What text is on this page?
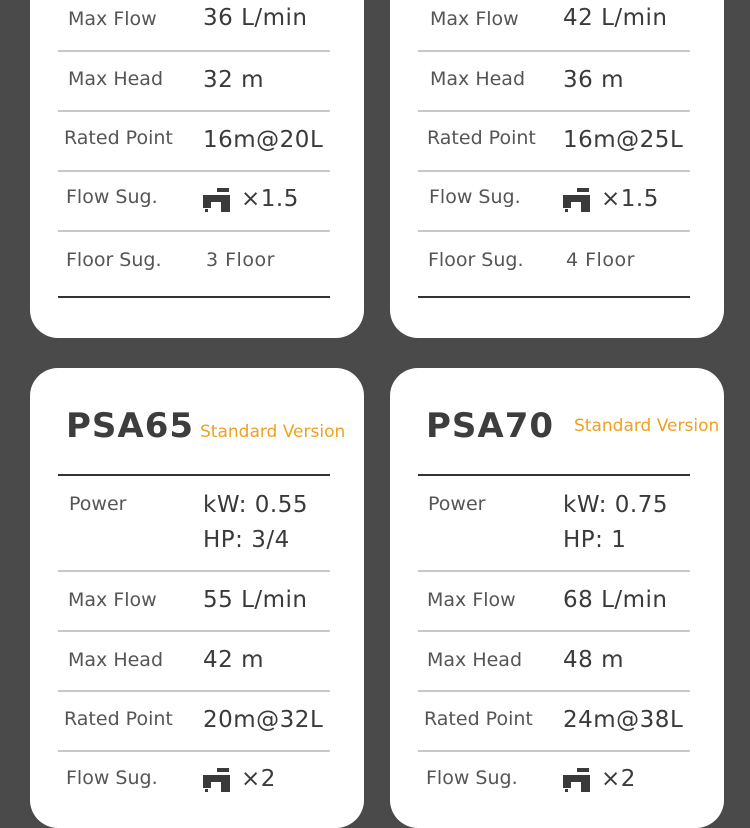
Max Flow 36 L/min
Max Head 32 m
Rated Point 16m@20L
Flow Sug.	×1.5
Floor Sug. 3 Floor
Max Flow 42 L/min
Max Head 36 m
Rated Point 16m@25L
Flow Sug.	×1.5
Floor Sug. 4 Floor
PSA65 Standard Version
Power	kW: 0.55
HP: 3/4
Max Flow 55 L/min
Max Head 42 m
Rated Point 20m@32L
Flow Sug.	×2
PSA70 Standard Version
Power	kW: 0.75
HP: 1
Max Flow 68 L/min
Max Head 48 m
Rated Point 24m@38L
Flow Sug.	×2
